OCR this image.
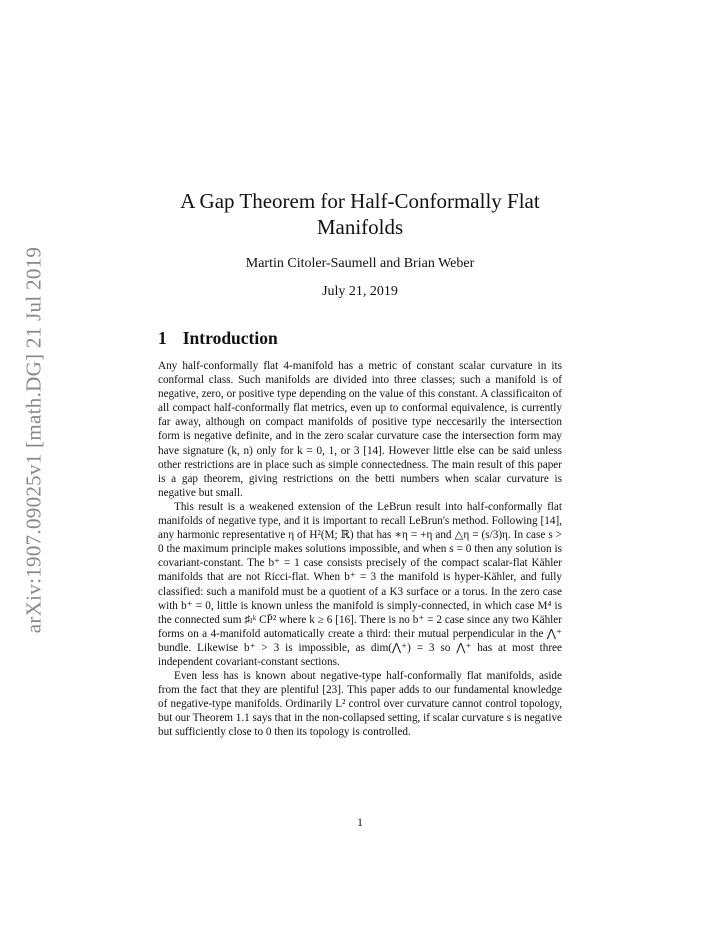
arXiv:1907.09025v1 [math.DG] 21 Jul 2019
A Gap Theorem for Half-Conformally Flat Manifolds
Martin Citoler-Saumell and Brian Weber
July 21, 2019
1 Introduction

Any half-conformally flat 4-manifold has a metric of constant scalar curvature in its conformal class. Such manifolds are divided into three classes; such a manifold is of negative, zero, or positive type depending on the value of this constant. A classificaiton of all compact half-conformally flat metrics, even up to conformal equivalence, is currently far away, although on compact manifolds of positive type neccesarily the intersection form is negative definite, and in the zero scalar curvature case the intersection form may have signature (k, n) only for k = 0, 1, or 3 [14]. However little else can be said unless other restrictions are in place such as simple connectedness. The main result of this paper is a gap theorem, giving restrictions on the betti numbers when scalar curvature is negative but small.

This result is a weakened extension of the LeBrun result into half-conformally flat manifolds of negative type, and it is important to recall LeBrun's method. Following [14], any harmonic representative η of H²(M; ℝ) that has ∗η = +η and △η = (s/3)η. In case s > 0 the maximum principle makes solutions impossible, and when s = 0 then any solution is covariant-constant. The b⁺ = 1 case consists precisely of the compact scalar-flat Kähler manifolds that are not Ricci-flat. When b⁺ = 3 the manifold is hyper-Kähler, and fully classified: such a manifold must be a quotient of a K3 surface or a torus. In the zero case with b⁺ = 0, little is known unless the manifold is simply-connected, in which case M⁴ is the connected sum ♯ₗᵏ CP̄² where k ≥ 6 [16]. There is no b⁺ = 2 case since any two Kähler forms on a 4-manifold automatically create a third: their mutual perpendicular in the ⋀⁺ bundle. Likewise b⁺ > 3 is impossible, as dim(⋀⁺) = 3 so ⋀⁺ has at most three independent covariant-constant sections.

Even less has is known about negative-type half-conformally flat manifolds, aside from the fact that they are plentiful [23]. This paper adds to our fundamental knowledge of negative-type manifolds. Ordinarily L² control over curvature cannot control topology, but our Theorem 1.1 says that in the non-collapsed setting, if scalar curvature s is negative but sufficiently close to 0 then its topology is controlled.

1
